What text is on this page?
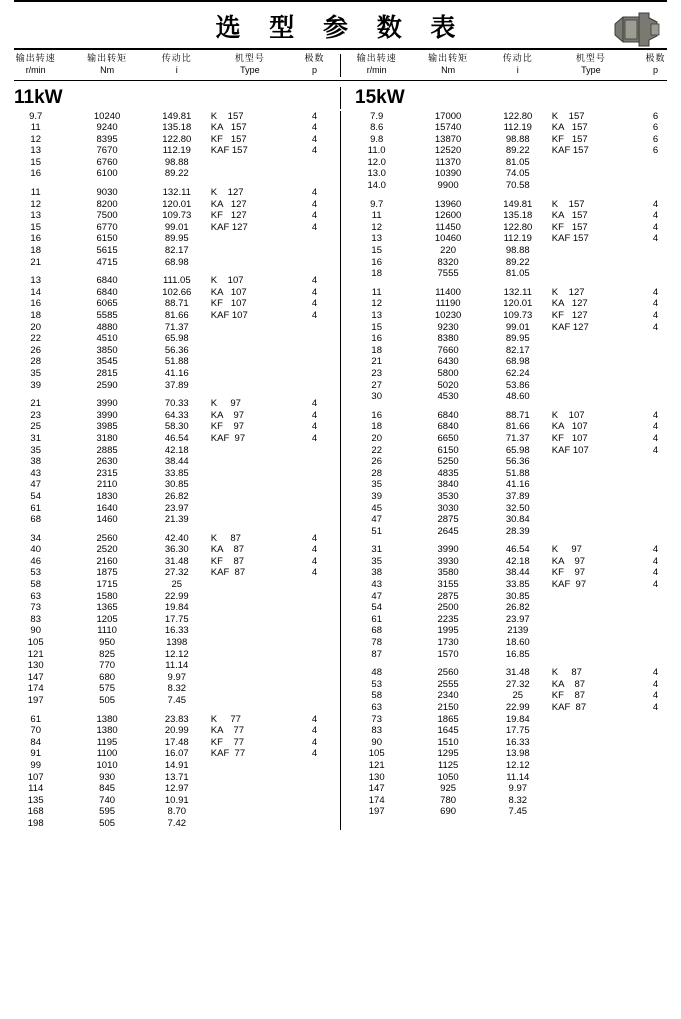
选 型 参 数 表
输出转速
r/min
输出转矩
Nm
传动比
i
机型号
Type
极数
p
输出转速
r/min
输出转矩
Nm
传动比
i
机型号
Type
极数
p
11kW	15kW
9.7	10240	149.81	K    157	4
11	9240	135.18	KA   157	4
12	8395	122.80	KF   157	4
13	7670	112.19	KAF 157	4
15	6760	98.88		
16	6100	89.22		

11	9030	132.11	K    127	4
12	8200	120.01	KA   127	4
13	7500	109.73	KF   127	4
15	6770	99.01	KAF 127	4
16	6150	89.95		
18	5615	82.17		
21	4715	68.98		

13	6840	111.05	K    107	4
14	6840	102.66	KA   107	4
16	6065	88.71	KF   107	4
18	5585	81.66	KAF 107	4
20	4880	71.37		
22	4510	65.98		
26	3850	56.36		
28	3545	51.88		
35	2815	41.16		
39	2590	37.89		

21	3990	70.33	K     97	4
23	3990	64.33	KA    97	4
25	3985	58.30	KF    97	4
31	3180	46.54	KAF  97	4
35	2885	42.18		
38	2630	38.44		
43	2315	33.85		
47	2110	30.85		
54	1830	26.82		
61	1640	23.97		
68	1460	21.39		

34	2560	42.40	K     87	4
40	2520	36.30	KA    87	4
46	2160	31.48	KF    87	4
53	1875	27.32	KAF  87	4
58	1715	25		
63	1580	22.99		
73	1365	19.84		
83	1205	17.75		
90	1110	16.33		
105	950	1398		
121	825	12.12		
130	770	11.14		
147	680	9.97		
174	575	8.32		
197	505	7.45		

61	1380	23.83	K     77	4
70	1380	20.99	KA    77	4
84	1195	17.48	KF    77	4
91	1100	16.07	KAF  77	4
99	1010	14.91		
107	930	13.71		
114	845	12.97		
135	740	10.91		
168	595	8.70		
198	505	7.42		
7.9	17000	122.80	K    157	6
8.6	15740	112.19	KA   157	6
9.8	13870	98.88	KF   157	6
11.0	12520	89.22	KAF 157	6
12.0	11370	81.05		
13.0	10390	74.05		
14.0	9900	70.58		

9.7	13960	149.81	K    157	4
11	12600	135.18	KA   157	4
12	11450	122.80	KF   157	4
13	10460	112.19	KAF 157	4
15	220	98.88		
16	8320	89.22		
18	7555	81.05		

11	11400	132.11	K    127	4
12	11190	120.01	KA   127	4
13	10230	109.73	KF   127	4
15	9230	99.01	KAF 127	4
16	8380	89.95		
18	7660	82.17		
21	6430	68.98		
23	5800	62.24		
27	5020	53.86		
30	4530	48.60		

16	6840	88.71	K    107	4
18	6840	81.66	KA   107	4
20	6650	71.37	KF   107	4
22	6150	65.98	KAF 107	4
26	5250	56.36		
28	4835	51.88		
35	3840	41.16		
39	3530	37.89		
45	3030	32.50		
47	2875	30.84		
51	2645	28.39		

31	3990	46.54	K     97	4
35	3930	42.18	KA    97	4
38	3580	38.44	KF    97	4
43	3155	33.85	KAF  97	4
47	2875	30.85		
54	2500	26.82		
61	2235	23.97		
68	1995	2139		
78	1730	18.60		
87	1570	16.85		

48	2560	31.48	K     87	4
53	2555	27.32	KA    87	4
58	2340	25	KF    87	4
63	2150	22.99	KAF  87	4
73	1865	19.84		
83	1645	17.75		
90	1510	16.33		
105	1295	13.98		
121	1125	12.12		
130	1050	11.14		
147	925	9.97		
174	780	8.32		
197	690	7.45		
